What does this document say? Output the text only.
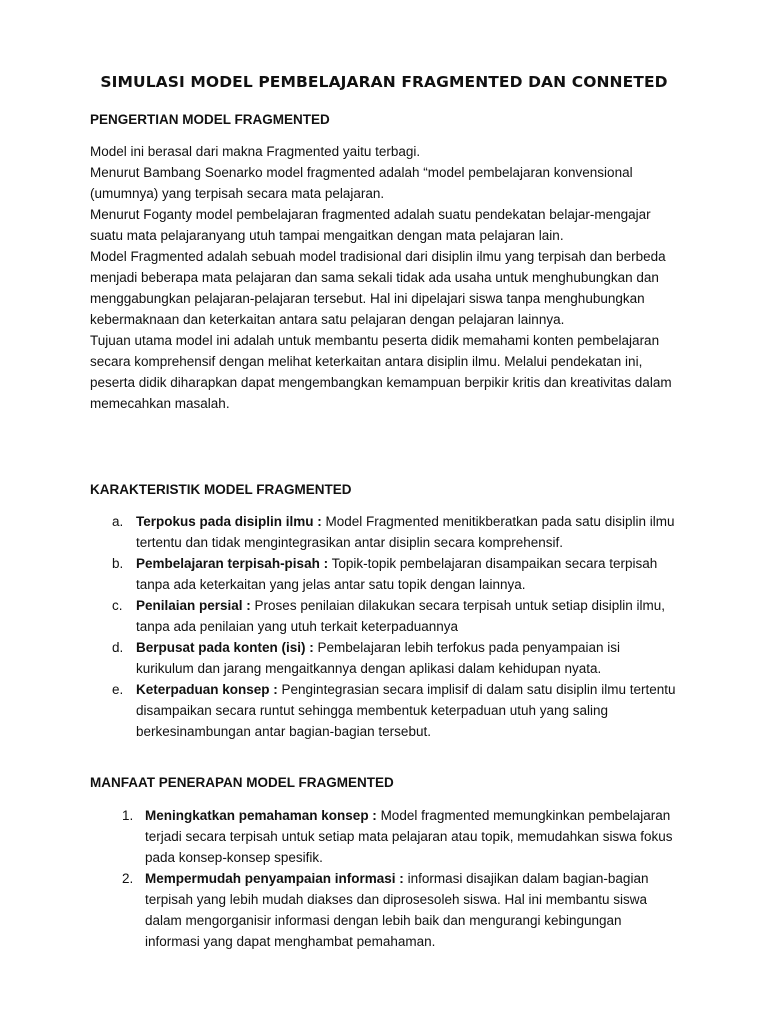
SIMULASI MODEL PEMBELAJARAN FRAGMENTED DAN CONNETED
PENGERTIAN MODEL FRAGMENTED

Model ini berasal dari makna Fragmented yaitu terbagi.

Menurut Bambang Soenarko model fragmented adalah “model pembelajaran konvensional (umumnya) yang terpisah secara mata pelajaran.

Menurut Foganty model pembelajaran fragmented adalah suatu pendekatan belajar-mengajar suatu mata pelajaranyang utuh tampai mengaitkan dengan mata pelajaran lain.

Model Fragmented adalah sebuah model tradisional dari disiplin ilmu yang terpisah dan berbeda menjadi beberapa mata pelajaran dan sama sekali tidak ada usaha untuk menghubungkan dan menggabungkan pelajaran-pelajaran tersebut. Hal ini dipelajari siswa tanpa menghubungkan kebermaknaan dan keterkaitan antara satu pelajaran dengan pelajaran lainnya.

Tujuan utama model ini adalah untuk membantu peserta didik memahami konten pembelajaran secara komprehensif dengan melihat keterkaitan antara disiplin ilmu. Melalui pendekatan ini, peserta didik diharapkan dapat mengembangkan kemampuan berpikir kritis dan kreativitas dalam memecahkan masalah.

KARAKTERISTIK MODEL FRAGMENTED
a. Terpokus pada disiplin ilmu : Model Fragmented menitikberatkan pada satu disiplin ilmu tertentu dan tidak mengintegrasikan antar disiplin secara komprehensif.
b. Pembelajaran terpisah-pisah : Topik-topik pembelajaran disampaikan secara terpisah tanpa ada keterkaitan yang jelas antar satu topik dengan lainnya.
c. Penilaian persial : Proses penilaian dilakukan secara terpisah untuk setiap disiplin ilmu, tanpa ada penilaian yang utuh terkait keterpaduannya
d. Berpusat pada konten (isi) : Pembelajaran lebih terfokus pada penyampaian isi kurikulum dan jarang mengaitkannya dengan aplikasi dalam kehidupan nyata.
e. Keterpaduan konsep : Pengintegrasian secara implisif di dalam satu disiplin ilmu tertentu disampaikan secara runtut sehingga membentuk keterpaduan utuh yang saling berkesinambungan antar bagian-bagian tersebut.
MANFAAT PENERAPAN MODEL FRAGMENTED
1. Meningkatkan pemahaman konsep : Model fragmented memungkinkan pembelajaran terjadi secara terpisah untuk setiap mata pelajaran atau topik, memudahkan siswa fokus pada konsep-konsep spesifik.
2. Mempermudah penyampaian informasi : informasi disajikan dalam bagian-bagian terpisah yang lebih mudah diakses dan diprosesoleh siswa. Hal ini membantu siswa dalam mengorganisir informasi dengan lebih baik dan mengurangi kebingungan informasi yang dapat menghambat pemahaman.
